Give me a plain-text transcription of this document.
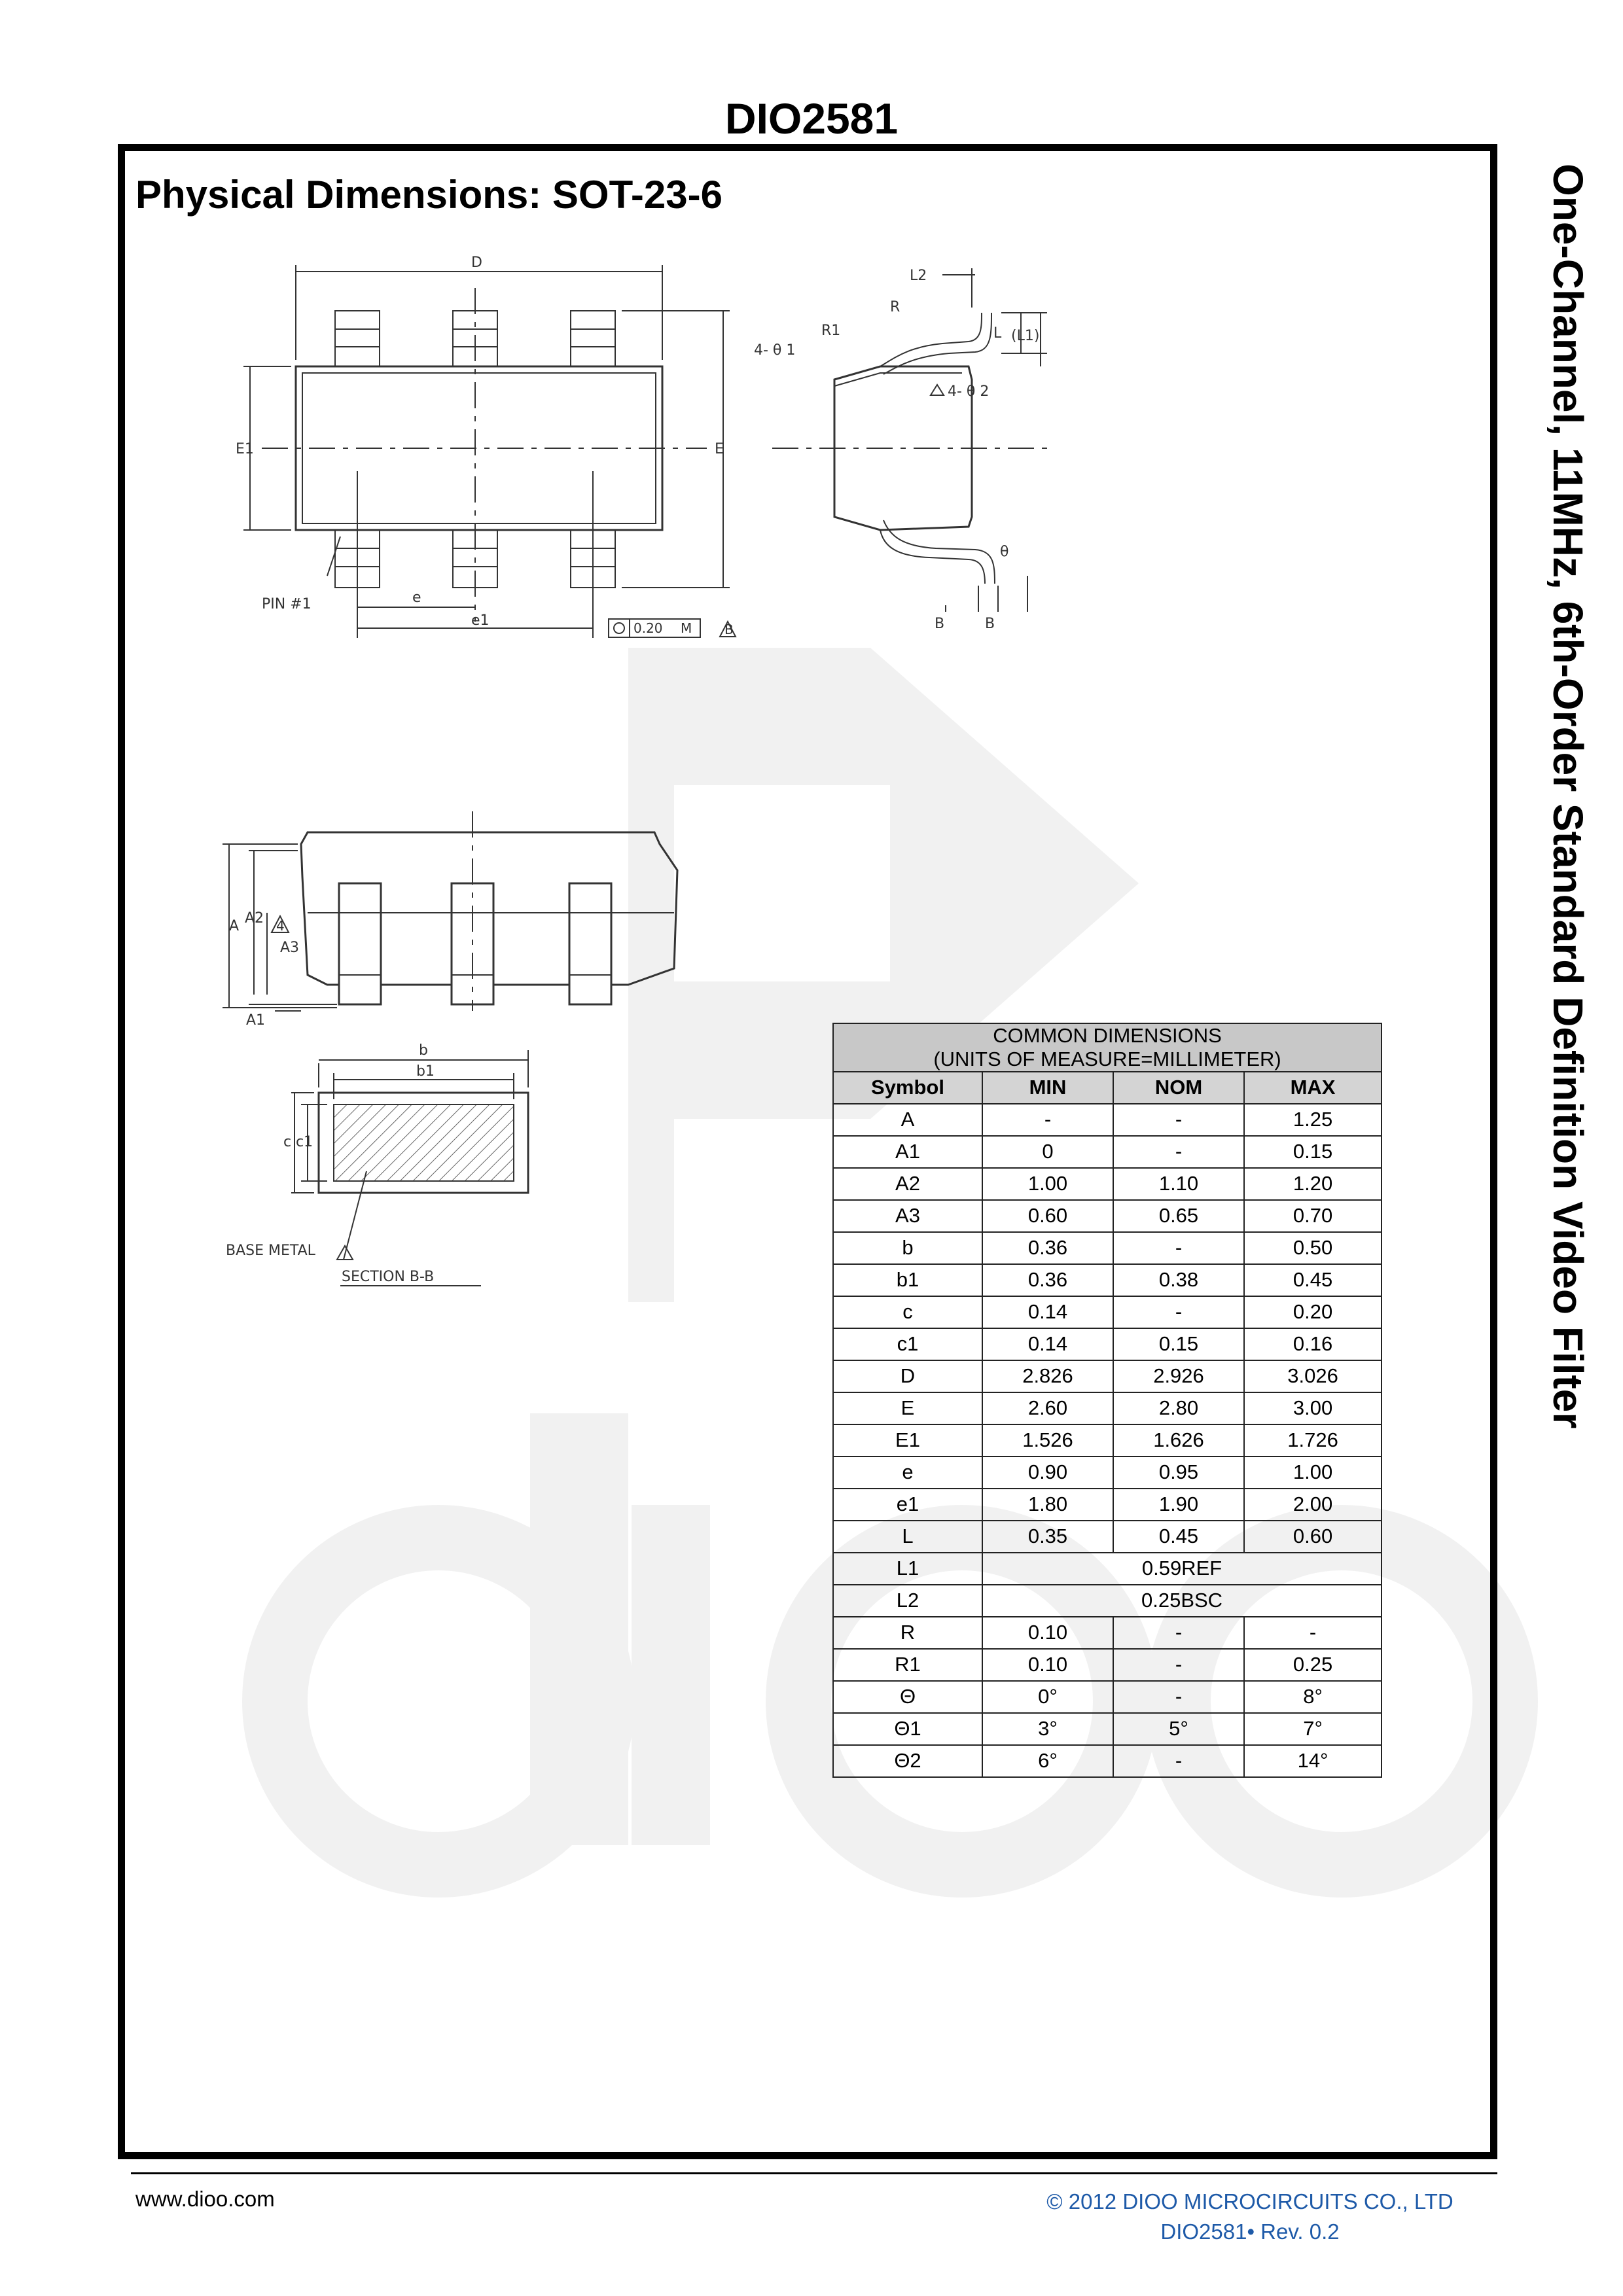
DIO2581
Physical Dimensions: SOT-23-6	One-Channel, 11MHz, 6th-Order Standard Definition Video Filter
D
E1	E
PIN #1	e
e1	0.20 M B
L2
R
R1
4- θ 1
L (L1)
4- θ 2
θ
B	B
A A2
A3
A1
4
b
b1
c c1
BASE METAL
SECTION B-B
COMMON DIMENSIONS
(UNITS OF MEASURE=MILLIMETER)			

Symbol	MIN	NOM	MAX
A	-	-	1.25
A1	0	-	0.15
A2	1.00	1.10	1.20
A3	0.60	0.65	0.70
b	0.36	-	0.50
b1	0.36	0.38	0.45
c	0.14	-	0.20
c1	0.14	0.15	0.16
D	2.826	2.926	3.026
E	2.60	2.80	3.00
E1	1.526	1.626	1.726
e	0.90	0.95	1.00
e1	1.80	1.90	2.00
L	0.35	0.45	0.60
L1	0.59REF		
L2	0.25BSC		
R	0.10	-	-
R1	0.10	-	0.25
Θ	0°	-	8°
Θ1	3°	5°	7°
Θ2	6°	-	14°
www.dioo.com	© 2012 DIOO MICROCIRCUITS CO., LTD
DIO2581• Rev. 0.2
